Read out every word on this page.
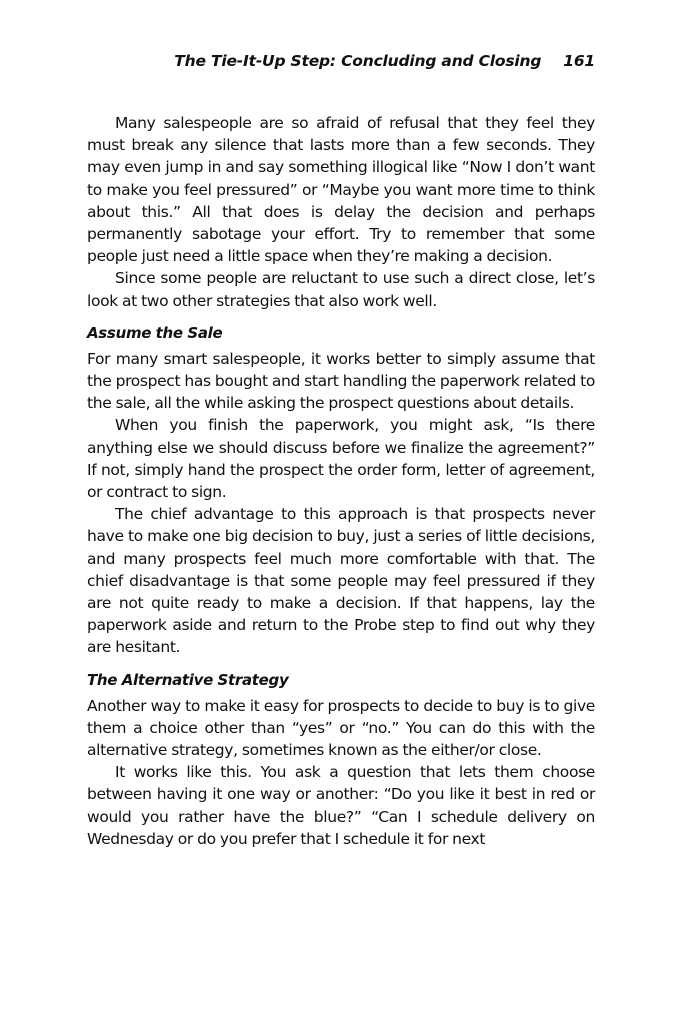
The Tie-It-Up Step: Concluding and Closing 161

Many salespeople are so afraid of refusal that they feel they must break any silence that lasts more than a few seconds. They may even jump in and say something illogical like “Now I don’t want to make you feel pressured” or “Maybe you want more time to think about this.” All that does is delay the decision and perhaps permanently sabotage your effort. Try to remember that some people just need a little space when they’re making a decision.

Since some people are reluctant to use such a direct close, let’s look at two other strategies that also work well.

Assume the Sale

For many smart salespeople, it works better to simply assume that the prospect has bought and start handling the paperwork related to the sale, all the while asking the prospect questions about details.

When you finish the paperwork, you might ask, “Is there anything else we should discuss before we finalize the agreement?” If not, simply hand the prospect the order form, letter of agreement, or contract to sign.

The chief advantage to this approach is that prospects never have to make one big decision to buy, just a series of little decisions, and many prospects feel much more comfortable with that. The chief disadvantage is that some people may feel pressured if they are not quite ready to make a decision. If that happens, lay the paperwork aside and return to the Probe step to find out why they are hesitant.

The Alternative Strategy

Another way to make it easy for prospects to decide to buy is to give them a choice other than “yes” or “no.” You can do this with the alternative strategy, sometimes known as the either/or close.

It works like this. You ask a question that lets them choose between having it one way or another: “Do you like it best in red or would you rather have the blue?” “Can I schedule delivery on Wednesday or do you prefer that I schedule it for next
